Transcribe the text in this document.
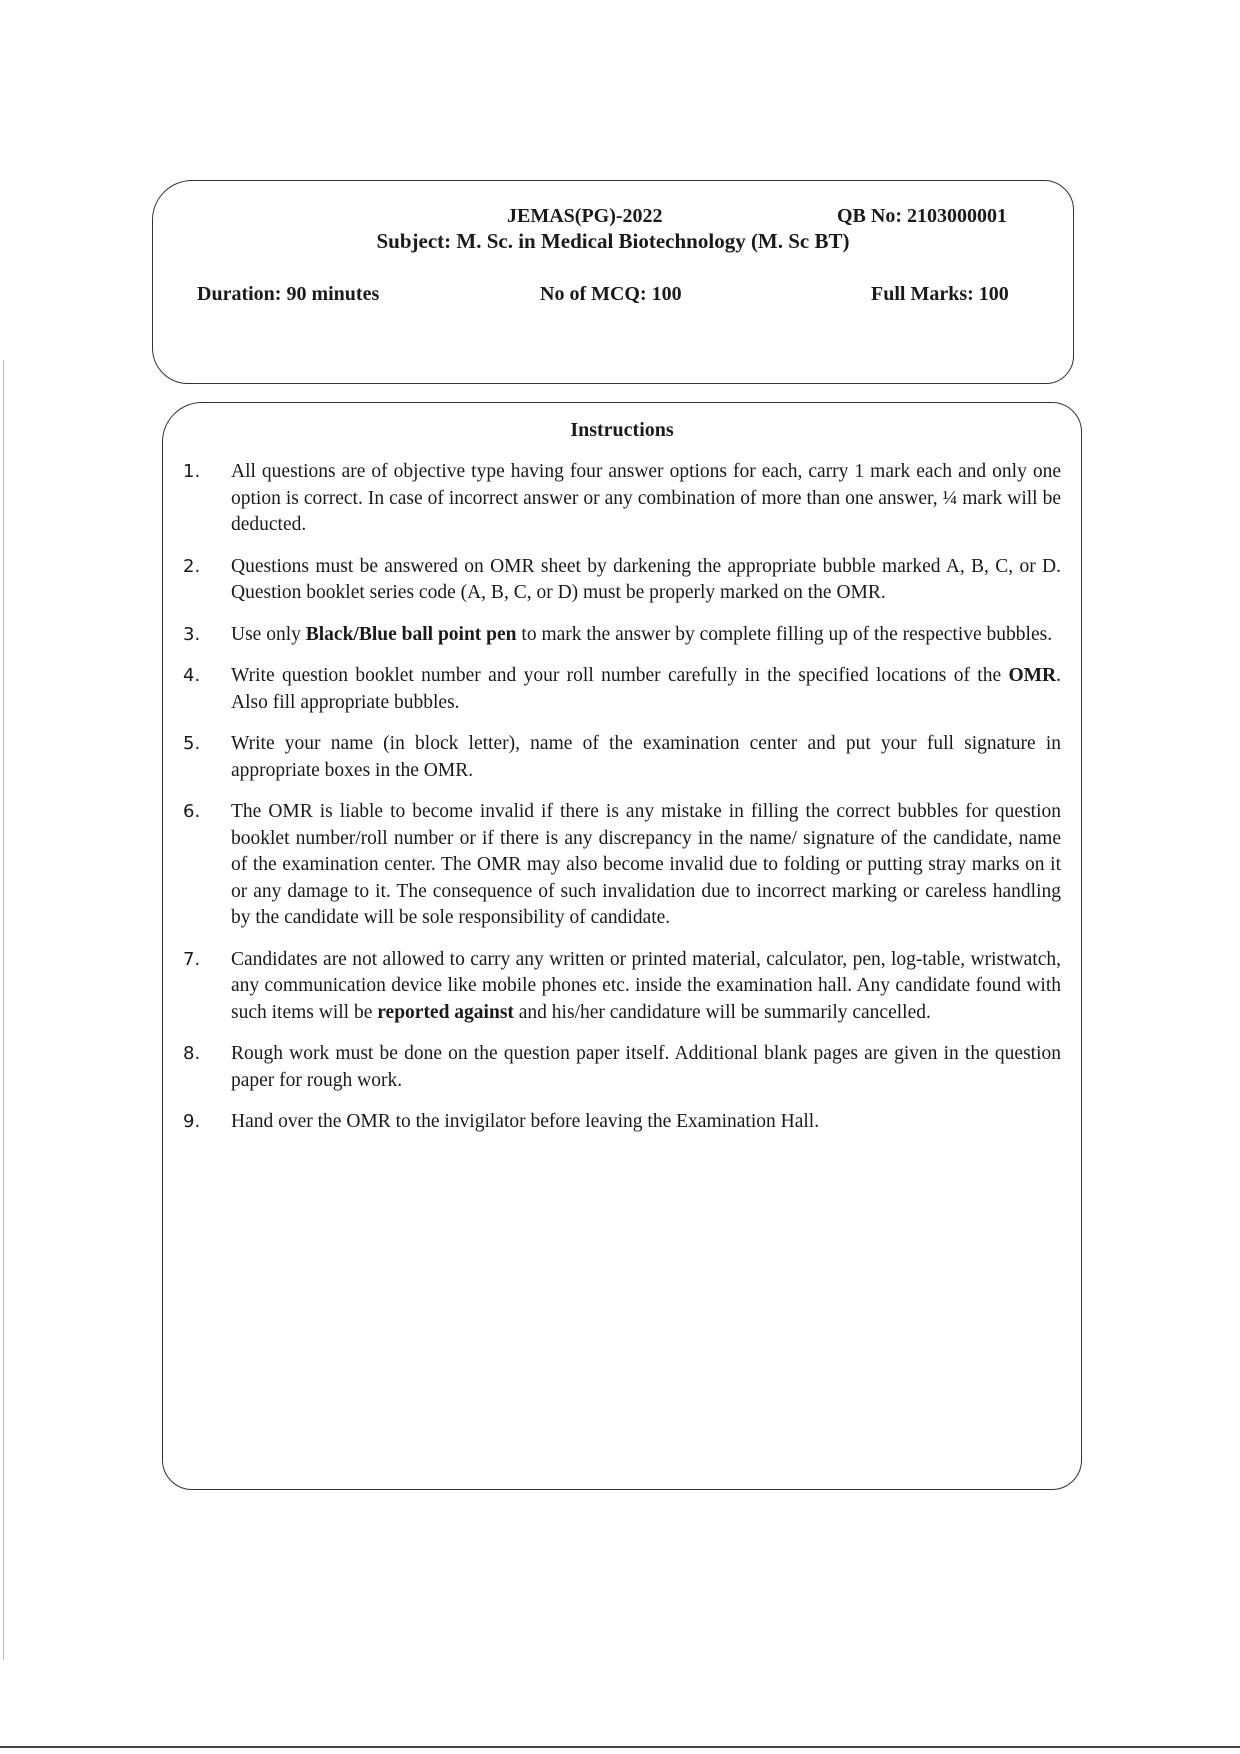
JEMAS(PG)-2022	QB No: 2103000001
Subject: M. Sc. in Medical Biotechnology (M. Sc BT)
Duration: 90 minutes	No of MCQ: 100	Full Marks: 100
Instructions
1. All questions are of objective type having four answer options for each, carry 1 mark each and only one option is correct. In case of incorrect answer or any combination of more than one answer, ¼ mark will be deducted.
2. Questions must be answered on OMR sheet by darkening the appropriate bubble marked A, B, C, or D. Question booklet series code (A, B, C, or D) must be properly marked on the OMR.
3. Use only Black/Blue ball point pen to mark the answer by complete filling up of the respective bubbles.
4. Write question booklet number and your roll number carefully in the specified locations of the OMR. Also fill appropriate bubbles.
5. Write your name (in block letter), name of the examination center and put your full signature in appropriate boxes in the OMR.
6. The OMR is liable to become invalid if there is any mistake in filling the correct bubbles for question booklet number/roll number or if there is any discrepancy in the name/ signature of the candidate, name of the examination center. The OMR may also become invalid due to folding or putting stray marks on it or any damage to it. The consequence of such invalidation due to incorrect marking or careless handling by the candidate will be sole responsibility of candidate.
7. Candidates are not allowed to carry any written or printed material, calculator, pen, log-table, wristwatch, any communication device like mobile phones etc. inside the examination hall. Any candidate found with such items will be reported against and his/her candidature will be summarily cancelled.
8. Rough work must be done on the question paper itself. Additional blank pages are given in the question paper for rough work.
9. Hand over the OMR to the invigilator before leaving the Examination Hall.
